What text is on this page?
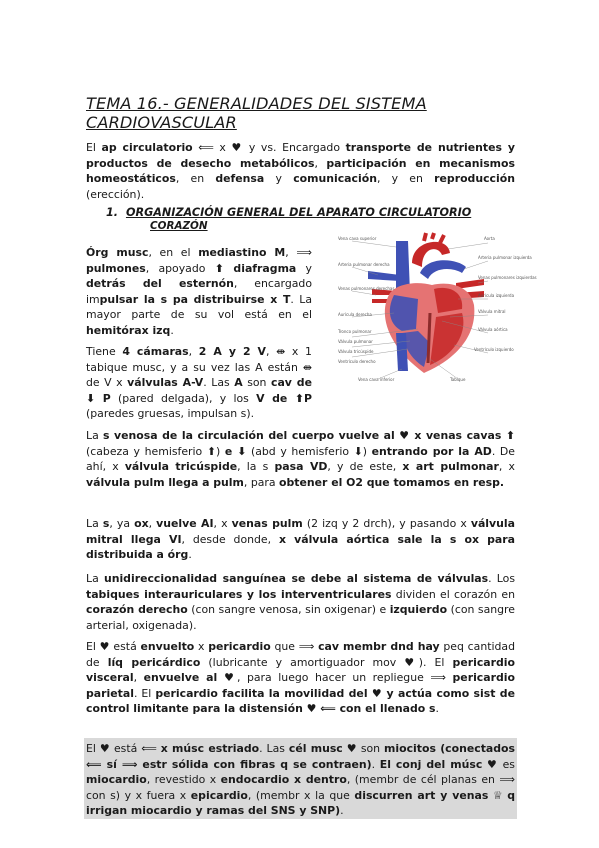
TEMA 16.- GENERALIDADES DEL SISTEMA
CARDIOVASCULAR
El ap circulatorio ⟸ x ♥ y vs. Encargado transporte de nutrientes y productos de desecho metabólicos, participación en mecanismos homeostáticos, en defensa y comunicación, y en reproducción (erección).
1. ORGANIZACIÓN GENERAL DEL APARATO CIRCULATORIO
CORAZÓN
Órg musc, en el mediastino M, ⟹ pulmones, apoyado ⬆ diafragma y detrás del esternón, encargado impulsar la s pa distribuirse x T. La mayor parte de su vol está en el hemitórax izq.
Tiene 4 cámaras, 2 A y 2 V, ⇼ x 1 tabique musc, y a su vez las A están ⇼ de V x válvulas A-V. Las A son cav de ⬇ P (pared delgada), y los V de ⬆P (paredes gruesas, impulsan s).
Vena cava superior
Arteria pulmonar derecha
Venas pulmonares derechas
Aurícula derecha
Tronco pulmonar
Válvula pulmonar
Válvula tricúspide
Vena cava inferior
Ventrículo derecho
Aorta
Arteria pulmonar izquierda
Venas pulmonares izquierdas
Aurícula izquierda
Válvula mitral
Válvula aórtica
Ventrículo izquierdo
Tabique
La s venosa de la circulación del cuerpo vuelve al ♥ x venas cavas ⬆ (cabeza y hemisferio ⬆) e ⬇ (abd y hemisferio ⬇) entrando por la AD. De ahí, x válvula tricúspide, la s pasa VD, y de este, x art pulmonar, x válvula pulm llega a pulm, para obtener el O2 que tomamos en resp.
La s, ya ox, vuelve AI, x venas pulm (2 izq y 2 drch), y pasando x válvula mitral llega VI, desde donde, x válvula aórtica sale la s ox para distribuida a órg.
La unidireccionalidad sanguínea se debe al sistema de válvulas. Los tabiques interauriculares y los interventriculares dividen el corazón en corazón derecho (con sangre venosa, sin oxigenar) e izquierdo (con sangre arterial, oxigenada).
El ♥ está envuelto x pericardio que ⟹ cav membr dnd hay peq cantidad de líq pericárdico (lubricante y amortiguador mov ♥). El pericardio visceral, envuelve al ♥, para luego hacer un repliegue ⟹ pericardio parietal. El pericardio facilita la movilidad del ♥ y actúa como sist de control limitante para la distensión ♥ ⟸ con el llenado s.
El ♥ está ⟸ x músc estriado. Las cél musc ♥ son miocitos (conectados ⟸ sí ⟹ estr sólida con fibras q se contraen). El conj del músc ♥ es miocardio, revestido x endocardio x dentro, (membr de cél planas en ⟹ con s) y x fuera x epicardio, (membr x la que discurren art y venas ♕ q irrigan miocardio y ramas del SNS y SNP).
